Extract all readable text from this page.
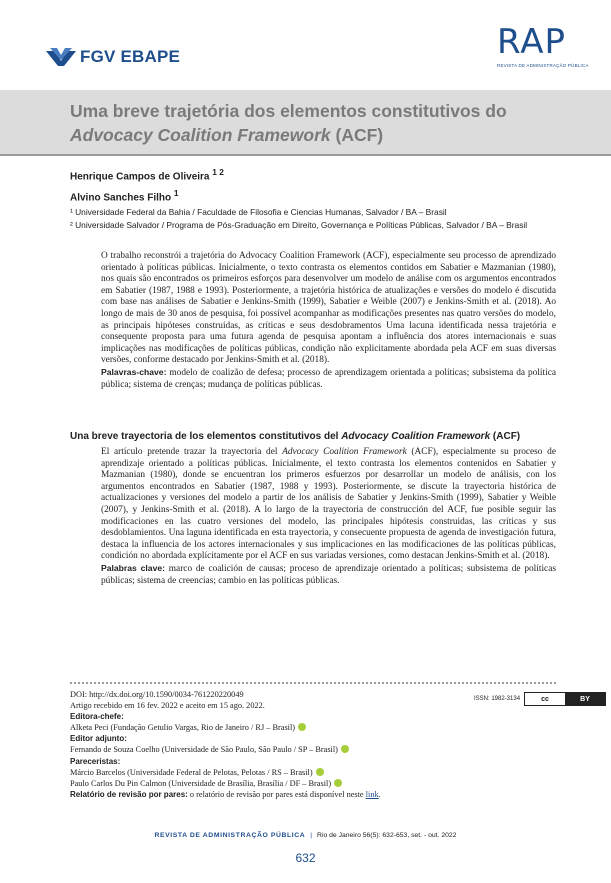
FGV EBAPE	RAP
REVISTA DE ADMINISTRAÇÃO PÚBLICA
Uma breve trajetória dos elementos constitutivos do Advocacy Coalition Framework (ACF)
Henrique Campos de Oliveira $^{1 2}$
Alvino Sanches Filho $^1$
¹ Universidade Federal da Bahia / Faculdade de Filosofia e Ciencias Humanas, Salvador / BA – Brasil
² Universidade Salvador / Programa de Pós-Graduação em Direito, Governança e Políticas Públicas, Salvador / BA – Brasil
O trabalho reconstrói a trajetória do Advocacy Coalition Framework (ACF), especialmente seu processo de aprendizado orientado à políticas públicas. Inicialmente, o texto contrasta os elementos contidos em Sabatier e Mazmanian (1980), nos quais são encontrados os primeiros esforços para desenvolver um modelo de análise com os argumentos encontrados em Sabatier (1987, 1988 e 1993). Posteriormente, a trajetória histórica de atualizações e versões do modelo é discutida com base nas análises de Sabatier e Jenkins-Smith (1999), Sabatier e Weible (2007) e Jenkins-Smith et al. (2018). Ao longo de mais de 30 anos de pesquisa, foi possível acompanhar as modificações presentes nas quatro versões do modelo, as principais hipóteses construídas, as críticas e seus desdobramentos Uma lacuna identificada nessa trajetória e consequente proposta para uma futura agenda de pesquisa apontam a influência dos atores internacionais e suas implicações nas modificações de políticas públicas, condição não explicitamente abordada pela ACF em suas diversas versões, conforme destacado por Jenkins-Smith et al. (2018).
Palavras-chave: modelo de coalizão de defesa; processo de aprendizagem orientada a políticas; subsistema da política pública; sistema de crenças; mudança de políticas públicas.
Una breve trayectoria de los elementos constitutivos del Advocacy Coalition Framework (ACF)
El artículo pretende trazar la trayectoria del Advocacy Coalition Framework (ACF), especialmente su proceso de aprendizaje orientado a políticas públicas. Inicialmente, el texto contrasta los elementos contenidos en Sabatier y Mazmanian (1980), donde se encuentran los primeros esfuerzos por desarrollar un modelo de análisis, con los argumentos encontrados en Sabatier (1987, 1988 y 1993). Posteriormente, se discute la trayectoria histórica de actualizaciones y versiones del modelo a partir de los análisis de Sabatier y Jenkins-Smith (1999), Sabatier y Weible (2007), y Jenkins-Smith et al. (2018). A lo largo de la trayectoria de construcción del ACF, fue posible seguir las modificaciones en las cuatro versiones del modelo, las principales hipótesis construidas, las críticas y sus desdoblamientos. Una laguna identificada en esta trayectoria, y consecuente propuesta de agenda de investigación futura, destaca la influencia de los actores internacionales y sus implicaciones en las modificaciones de las políticas públicas, condición no abordada explícitamente por el ACF en sus variadas versiones, como destacan Jenkins-Smith et al. (2018).
Palabras clave: marco de coalición de causas; proceso de aprendizaje orientado a políticas; subsistema de políticas públicas; sistema de creencias; cambio en las políticas públicas.
DOI: http://dx.doi.org/10.1590/0034-761220220049
Artigo recebido em 16 fev. 2022 e aceito em 15 ago. 2022.
Editora-chefe:
Alketa Peci (Fundação Getulio Vargas, Rio de Janeiro / RJ – Brasil)
Editor adjunto:
Fernando de Souza Coelho (Universidade de São Paulo, São Paulo / SP – Brasil)
Pareceristas:
Márcio Barcelos (Universidade Federal de Pelotas, Pelotas / RS – Brasil)
Paulo Carlos Du Pin Calmon (Universidade de Brasília, Brasília / DF – Brasil)
Relatório de revisão por pares: o relatório de revisão por pares está disponível neste link.
ISSN: 1982-3134	cc	BY
REVISTA DE ADMINISTRAÇÃO PÚBLICA | Rio de Janeiro 56(5): 632-653, set. - out. 2022
632
